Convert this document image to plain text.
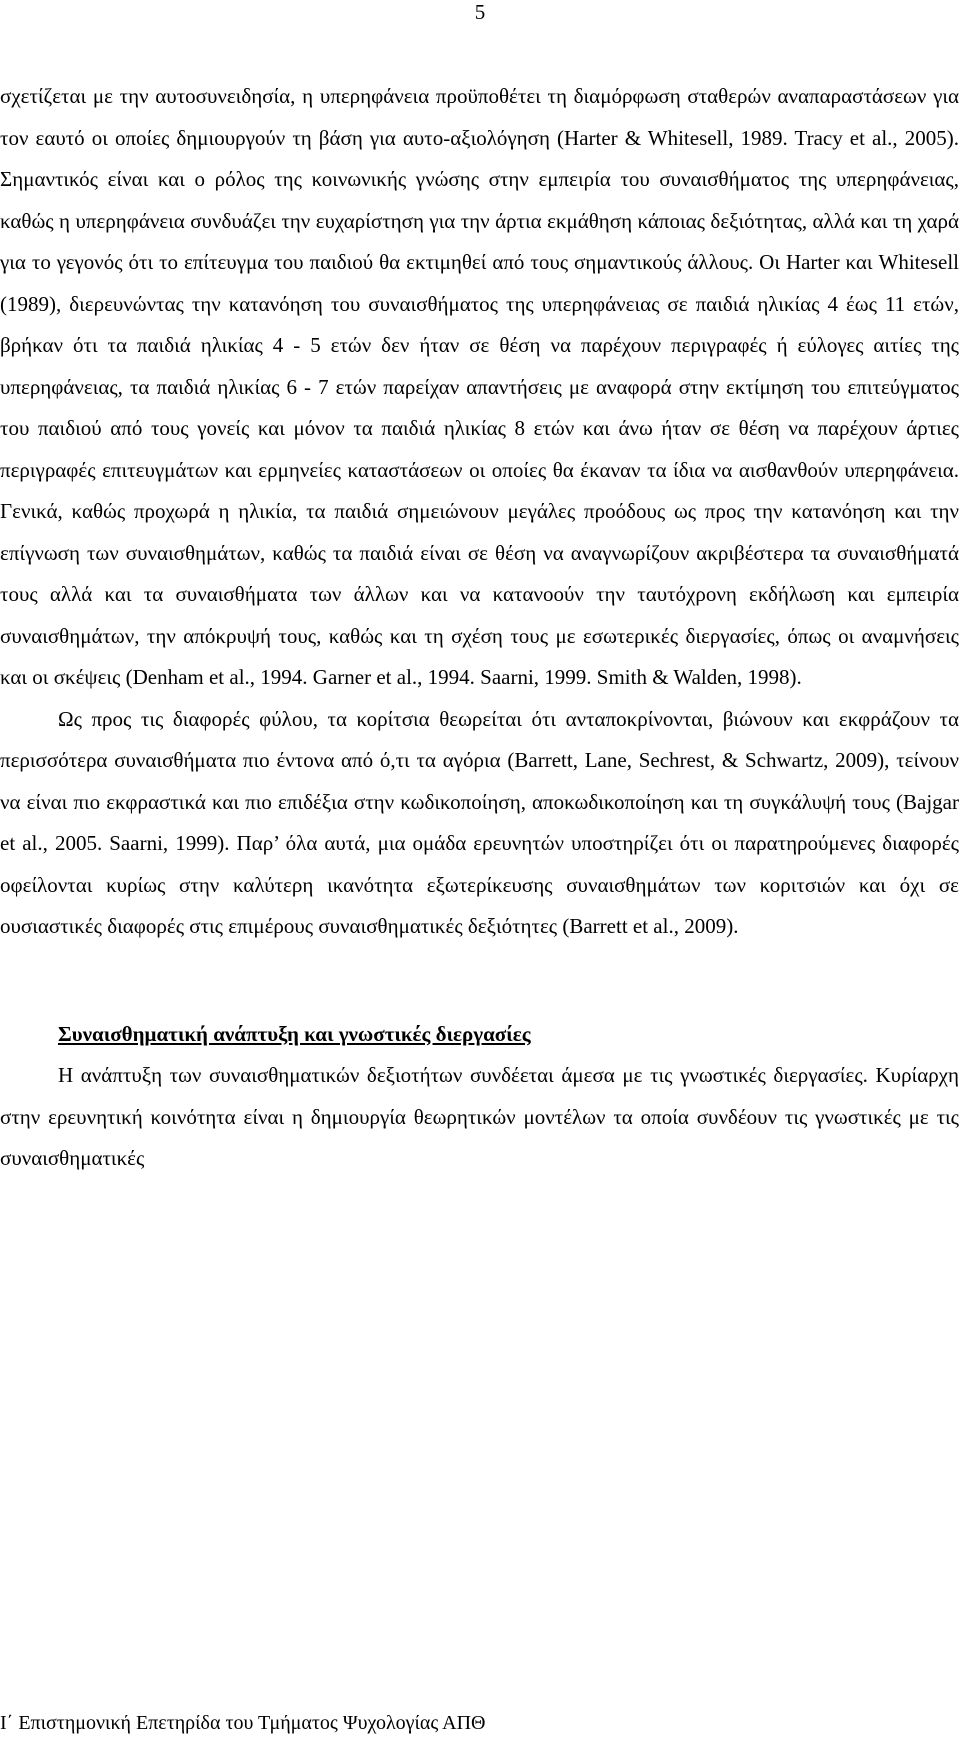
5

σχετίζεται με την αυτοσυνειδησία, η υπερηφάνεια προϋποθέτει τη διαμόρφωση σταθερών αναπαραστάσεων για τον εαυτό οι οποίες δημιουργούν τη βάση για αυτο-αξιολόγηση (Harter & Whitesell, 1989. Tracy et al., 2005). Σημαντικός είναι και ο ρόλος της κοινωνικής γνώσης στην εμπειρία του συναισθήματος της υπερηφάνειας, καθώς η υπερηφάνεια συνδυάζει την ευχαρίστηση για την άρτια εκμάθηση κάποιας δεξιότητας, αλλά και τη χαρά για το γεγονός ότι το επίτευγμα του παιδιού θα εκτιμηθεί από τους σημαντικούς άλλους. Οι Harter και Whitesell (1989), διερευνώντας την κατανόηση του συναισθήματος της υπερηφάνειας σε παιδιά ηλικίας 4 έως 11 ετών, βρήκαν ότι τα παιδιά ηλικίας 4 - 5 ετών δεν ήταν σε θέση να παρέχουν περιγραφές ή εύλογες αιτίες της υπερηφάνειας, τα παιδιά ηλικίας 6 - 7 ετών παρείχαν απαντήσεις με αναφορά στην εκτίμηση του επιτεύγματος του παιδιού από τους γονείς και μόνον τα παιδιά ηλικίας 8 ετών και άνω ήταν σε θέση να παρέχουν άρτιες περιγραφές επιτευγμάτων και ερμηνείες καταστάσεων οι οποίες θα έκαναν τα ίδια να αισθανθούν υπερηφάνεια. Γενικά, καθώς προχωρά η ηλικία, τα παιδιά σημειώνουν μεγάλες προόδους ως προς την κατανόηση και την επίγνωση των συναισθημάτων, καθώς τα παιδιά είναι σε θέση να αναγνωρίζουν ακριβέστερα τα συναισθήματά τους αλλά και τα συναισθήματα των άλλων και να κατανοούν την ταυτόχρονη εκδήλωση και εμπειρία συναισθημάτων, την απόκρυψή τους, καθώς και τη σχέση τους με εσωτερικές διεργασίες, όπως οι αναμνήσεις και οι σκέψεις (Denham et al., 1994. Garner et al., 1994. Saarni, 1999. Smith & Walden, 1998).

Ως προς τις διαφορές φύλου, τα κορίτσια θεωρείται ότι ανταποκρίνονται, βιώνουν και εκφράζουν τα περισσότερα συναισθήματα πιο έντονα από ό,τι τα αγόρια (Barrett, Lane, Sechrest, & Schwartz, 2009), τείνουν να είναι πιο εκφραστικά και πιο επιδέξια στην κωδικοποίηση, αποκωδικοποίηση και τη συγκάλυψή τους (Bajgar et al., 2005. Saarni, 1999). Παρ’ όλα αυτά, μια ομάδα ερευνητών υποστηρίζει ότι οι παρατηρούμενες διαφορές οφείλονται κυρίως στην καλύτερη ικανότητα εξωτερίκευσης συναισθημάτων των κοριτσιών και όχι σε ουσιαστικές διαφορές στις επιμέρους συναισθηματικές δεξιότητες (Barrett et al., 2009).

Συναισθηματική ανάπτυξη και γνωστικές διεργασίες

Η ανάπτυξη των συναισθηματικών δεξιοτήτων συνδέεται άμεσα με τις γνωστικές διεργασίες. Κυρίαρχη στην ερευνητική κοινότητα είναι η δημιουργία θεωρητικών μοντέλων τα οποία συνδέουν τις γνωστικές με τις συναισθηματικές

Ι΄ Επιστημονική Επετηρίδα του Τμήματος Ψυχολογίας ΑΠΘ
